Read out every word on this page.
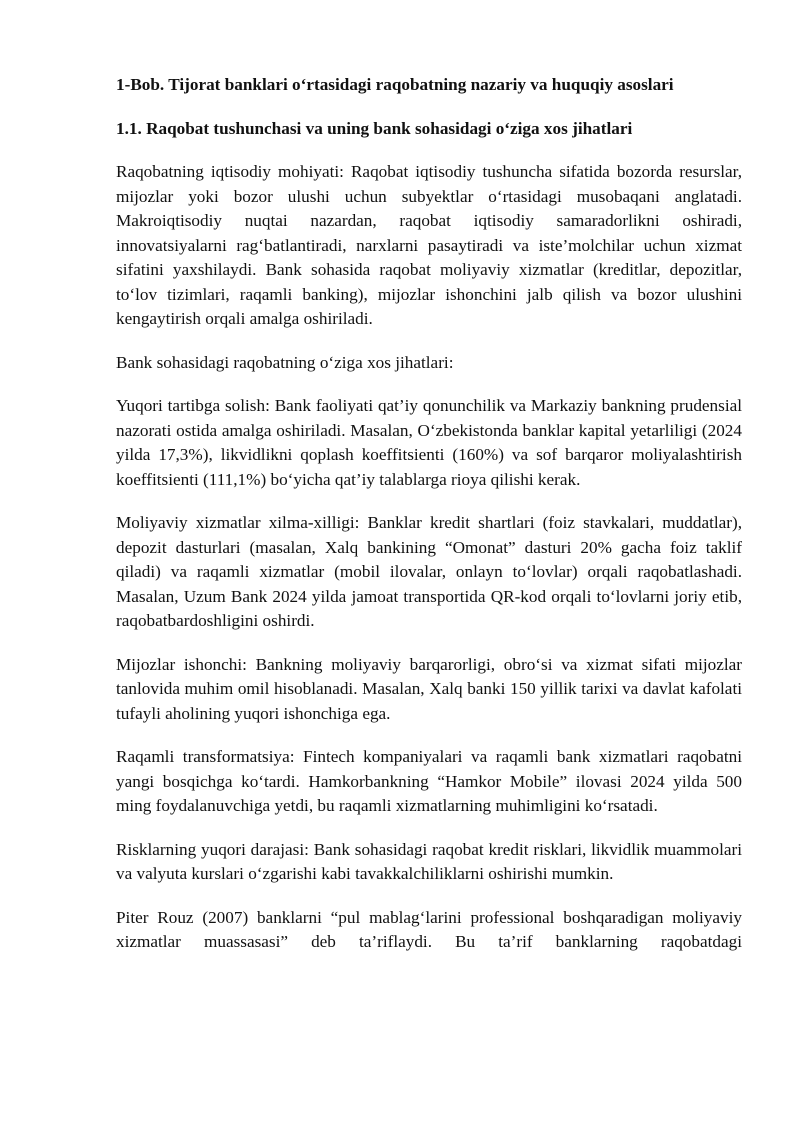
1-Bob. Tijorat banklari o‘rtasidagi raqobatning nazariy va huquqiy asoslari
1.1. Raqobat tushunchasi va uning bank sohasidagi o‘ziga xos jihatlari

Raqobatning iqtisodiy mohiyati: Raqobat iqtisodiy tushuncha sifatida bozorda resurslar, mijozlar yoki bozor ulushi uchun subyektlar o‘rtasidagi musobaqani anglatadi. Makroiqtisodiy nuqtai nazardan, raqobat iqtisodiy samaradorlikni oshiradi, innovatsiyalarni rag‘batlantiradi, narxlarni pasaytiradi va iste’molchilar uchun xizmat sifatini yaxshilaydi. Bank sohasida raqobat moliyaviy xizmatlar (kreditlar, depozitlar, to‘lov tizimlari, raqamli banking), mijozlar ishonchini jalb qilish va bozor ulushini kengaytirish orqali amalga oshiriladi.

Bank sohasidagi raqobatning o‘ziga xos jihatlari:

Yuqori tartibga solish: Bank faoliyati qat’iy qonunchilik va Markaziy bankning prudensial nazorati ostida amalga oshiriladi. Masalan, O‘zbekistonda banklar kapital yetarliligi (2024 yilda 17,3%), likvidlikni qoplash koeffitsienti (160%) va sof barqaror moliyalashtirish koeffitsienti (111,1%) bo‘yicha qat’iy talablarga rioya qilishi kerak.

Moliyaviy xizmatlar xilma-xilligi: Banklar kredit shartlari (foiz stavkalari, muddatlar), depozit dasturlari (masalan, Xalq bankining “Omonat” dasturi 20% gacha foiz taklif qiladi) va raqamli xizmatlar (mobil ilovalar, onlayn to‘lovlar) orqali raqobatlashadi. Masalan, Uzum Bank 2024 yilda jamoat transportida QR-kod orqali to‘lovlarni joriy etib, raqobatbardoshligini oshirdi.

Mijozlar ishonchi: Bankning moliyaviy barqarorligi, obro‘si va xizmat sifati mijozlar tanlovida muhim omil hisoblanadi. Masalan, Xalq banki 150 yillik tarixi va davlat kafolati tufayli aholining yuqori ishonchiga ega.

Raqamli transformatsiya: Fintech kompaniyalari va raqamli bank xizmatlari raqobatni yangi bosqichga ko‘tardi. Hamkorbankning “Hamkor Mobile” ilovasi 2024 yilda 500 ming foydalanuvchiga yetdi, bu raqamli xizmatlarning muhimligini ko‘rsatadi.

Risklarning yuqori darajasi: Bank sohasidagi raqobat kredit risklari, likvidlik muammolari va valyuta kurslari o‘zgarishi kabi tavakkalchiliklarni oshirishi mumkin.

Piter Rouz (2007) banklarni “pul mablag‘larini professional boshqaradigan moliyaviy xizmatlar muassasasi” deb ta’riflaydi. Bu ta’rif banklarning raqobatdagi
